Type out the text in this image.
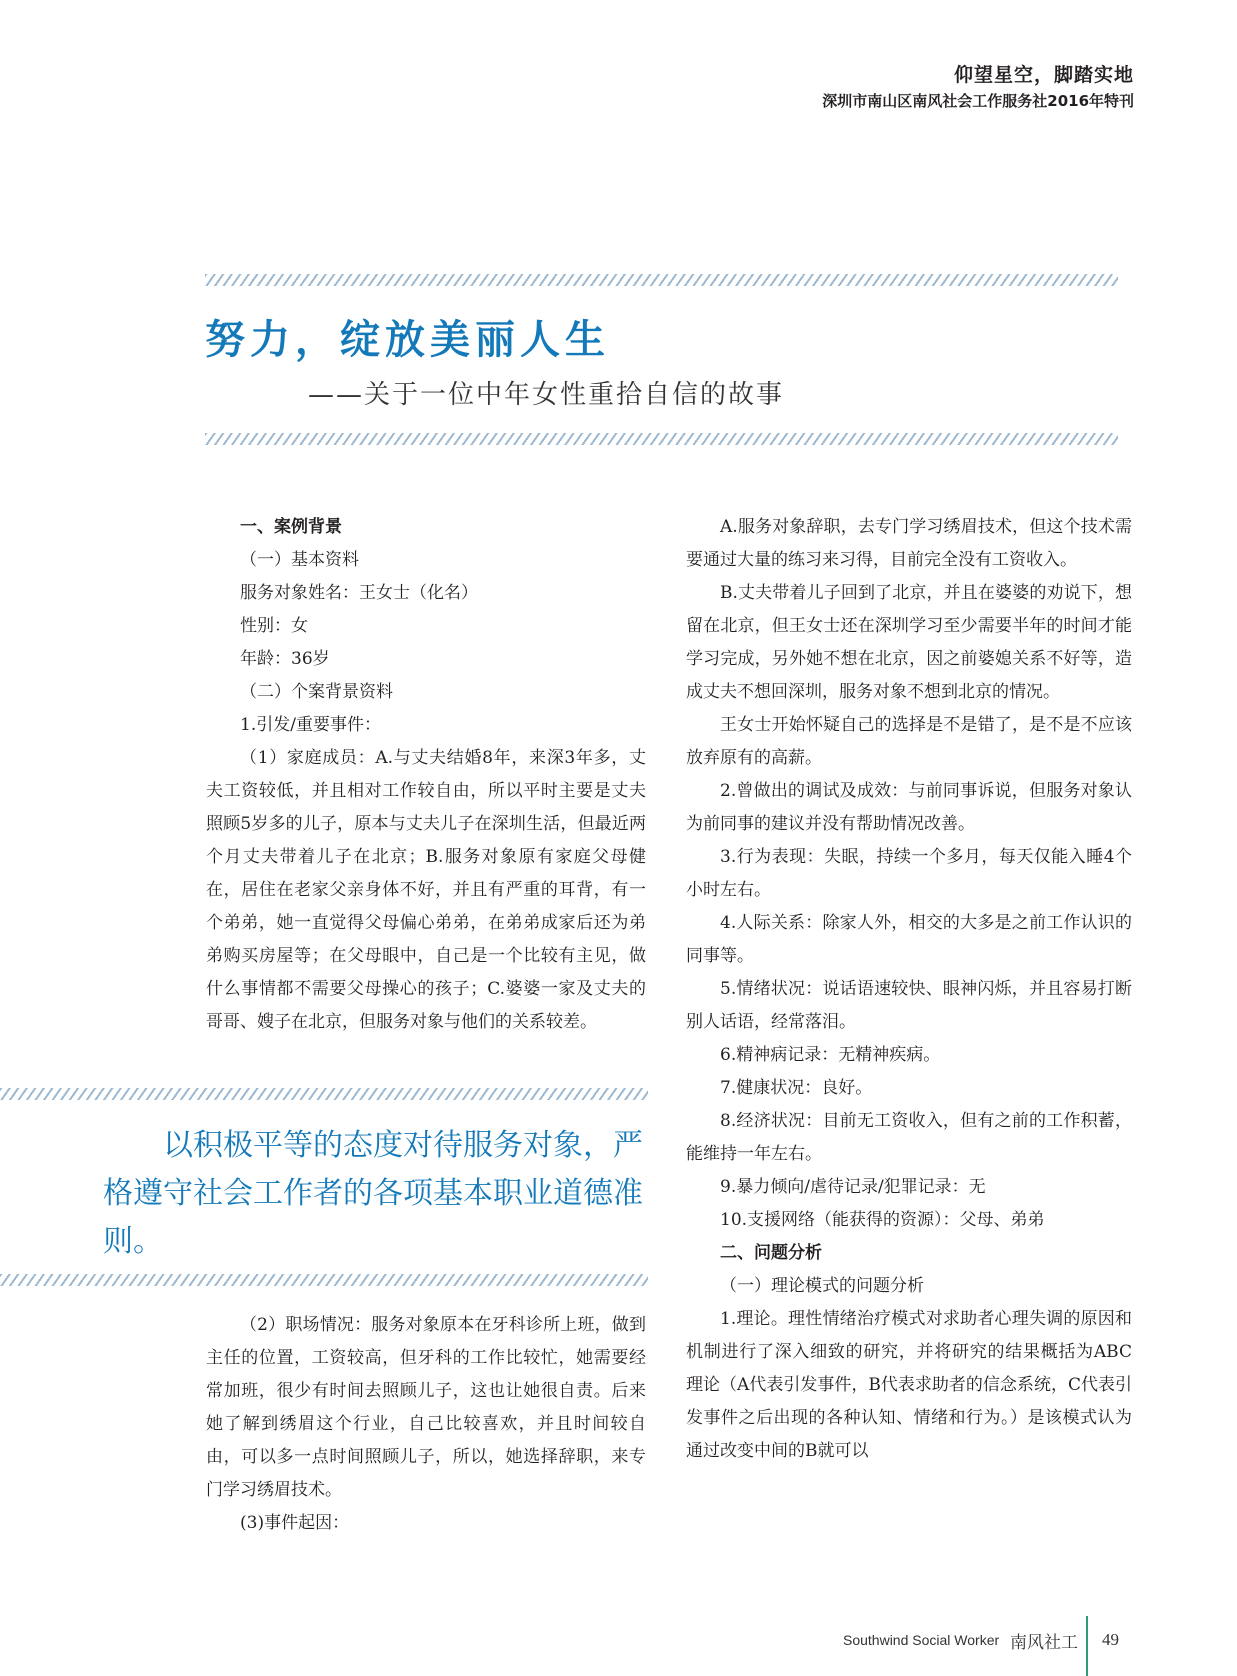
仰望星空，脚踏实地
深圳市南山区南风社会工作服务社2016年特刊
努力，绽放美丽人生
——关于一位中年女性重拾自信的故事

一、案例背景

（一）基本资料

服务对象姓名：王女士（化名）

性别：女

年龄：36岁

（二）个案背景资料

1.引发/重要事件：

（1）家庭成员：A.与丈夫结婚8年，来深3年多，丈夫工资较低，并且相对工作较自由，所以平时主要是丈夫照顾5岁多的儿子，原本与丈夫儿子在深圳生活，但最近两个月丈夫带着儿子在北京；B.服务对象原有家庭父母健在，居住在老家父亲身体不好，并且有严重的耳背，有一个弟弟，她一直觉得父母偏心弟弟，在弟弟成家后还为弟弟购买房屋等；在父母眼中，自己是一个比较有主见，做什么事情都不需要父母操心的孩子；C.婆婆一家及丈夫的哥哥、嫂子在北京，但服务对象与他们的关系较差。

以积极平等的态度对待服务对象，严格遵守社会工作者的各项基本职业道德准则。

（2）职场情况：服务对象原本在牙科诊所上班，做到主任的位置，工资较高，但牙科的工作比较忙，她需要经常加班，很少有时间去照顾儿子，这也让她很自责。后来她了解到绣眉这个行业，自己比较喜欢，并且时间较自由，可以多一点时间照顾儿子，所以，她选择辞职，来专门学习绣眉技术。

(3)事件起因：

A.服务对象辞职，去专门学习绣眉技术，但这个技术需要通过大量的练习来习得，目前完全没有工资收入。

B.丈夫带着儿子回到了北京，并且在婆婆的劝说下，想留在北京，但王女士还在深圳学习至少需要半年的时间才能学习完成，另外她不想在北京，因之前婆媳关系不好等，造成丈夫不想回深圳，服务对象不想到北京的情况。

王女士开始怀疑自己的选择是不是错了，是不是不应该放弃原有的高薪。

2.曾做出的调试及成效：与前同事诉说，但服务对象认为前同事的建议并没有帮助情况改善。

3.行为表现：失眠，持续一个多月，每天仅能入睡4个小时左右。

4.人际关系：除家人外，相交的大多是之前工作认识的同事等。

5.情绪状况：说话语速较快、眼神闪烁，并且容易打断别人话语，经常落泪。

6.精神病记录：无精神疾病。

7.健康状况：良好。

8.经济状况：目前无工资收入，但有之前的工作积蓄，能维持一年左右。

9.暴力倾向/虐待记录/犯罪记录：无

10.支援网络（能获得的资源）：父母、弟弟

二、问题分析

（一）理论模式的问题分析

1.理论。理性情绪治疗模式对求助者心理失调的原因和机制进行了深入细致的研究，并将研究的结果概括为ABC理论（A代表引发事件，B代表求助者的信念系统，C代表引发事件之后出现的各种认知、情绪和行为。）是该模式认为通过改变中间的B就可以

Southwind Social Worker 南风社工 49
